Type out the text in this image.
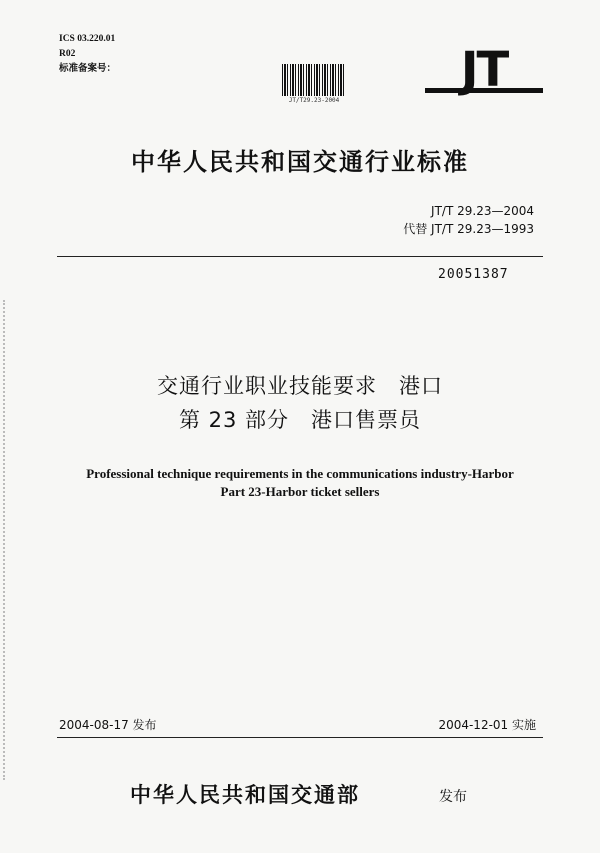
ICS 03.220.01
R02
标准备案号：
JT/T29.23-2004
JT
中华人民共和国交通行业标准
JT/T 29.23—2004
代替 JT/T 29.23—1993
20051387
交通行业职业技能要求　港口
第 23 部分　港口售票员
Professional technique requirements in the communications industry-Harbor
Part 23-Harbor ticket sellers
2004-08-17 发布	2004-12-01 实施
中华人民共和国交通部	发布
